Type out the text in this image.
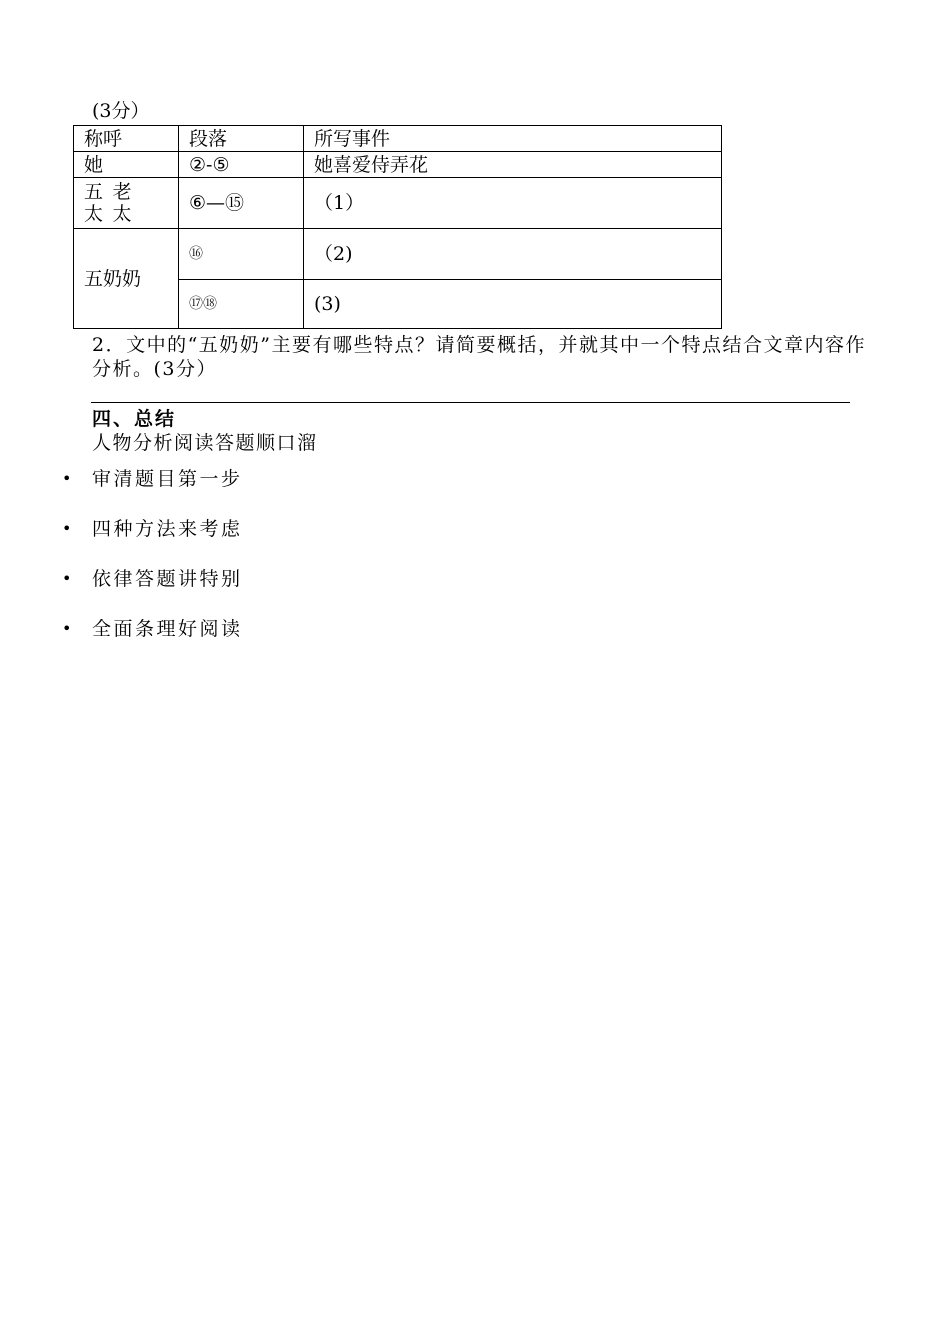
(3分）
称呼	段落	所写事件
她	②-⑤	她喜爱侍弄花
五老太太	⑥—⑮	（1）
五奶奶	⑯	（2)
	⑰⑱	(3)
2．文中的“五奶奶”主要有哪些特点？请简要概括，并就其中一个特点结合文章内容作分析。(3分）
四、总结
人物分析阅读答题顺口溜
• 审清题目第一步
• 四种方法来考虑
• 依律答题讲特别
• 全面条理好阅读
